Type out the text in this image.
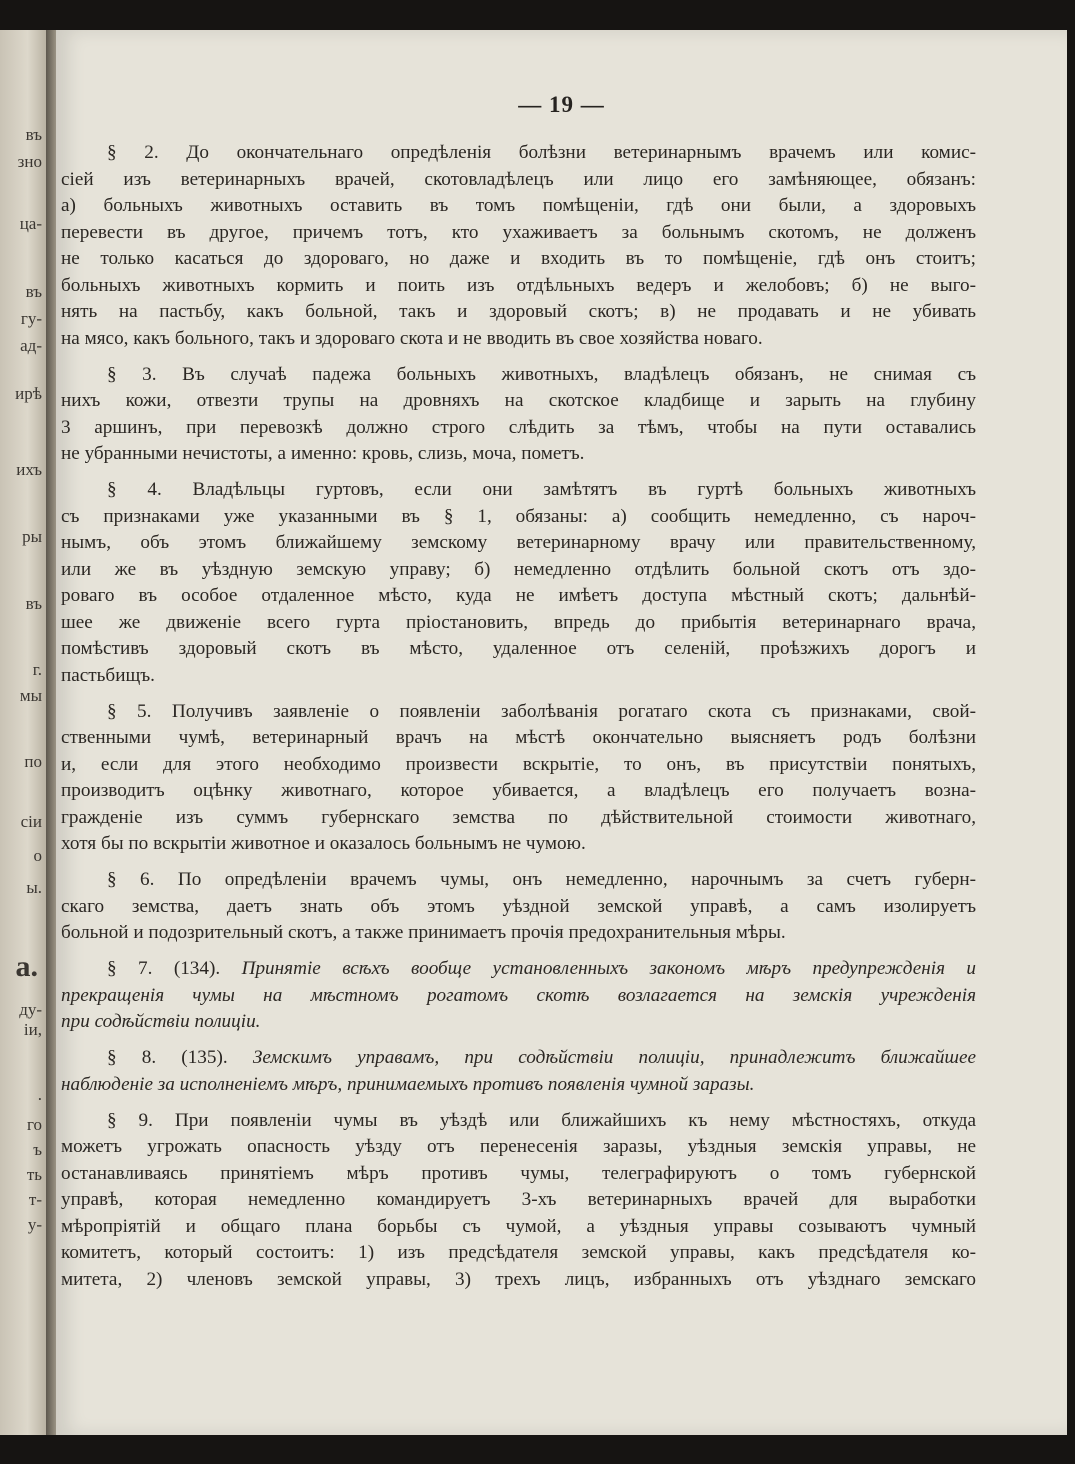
въ
зно
ца-
въ
гу-
ад-
ирѣ
ихъ
ры
въ
г.
мы
по
сіи
о
ы.
а.
ду-
іи,
.
го
ъ
ть
т-
у-
— 19 —

§ 2. До окончательнаго опредѣленія болѣзни ветеринарнымъ врачемъ или комис-
сіей изъ ветеринарныхъ врачей, скотовладѣлецъ или лицо его замѣняющее, обязанъ:
а) больныхъ животныхъ оставить въ томъ помѣщеніи, гдѣ они были, а здоровыхъ
перевести въ другое, причемъ тотъ, кто ухаживаетъ за больнымъ скотомъ, не долженъ
не только касаться до здороваго, но даже и входить въ то помѣщеніе, гдѣ онъ стоитъ;
больныхъ животныхъ кормить и поить изъ отдѣльныхъ ведеръ и желобовъ; б) не выго-
нять на пастьбу, какъ больной, такъ и здоровый скотъ; в) не продавать и не убивать
на мясо, какъ больного, такъ и здороваго скота и не вводить въ свое хозяйства новаго.

§ 3. Въ случаѣ падежа больныхъ животныхъ, владѣлецъ обязанъ, не снимая съ
нихъ кожи, отвезти трупы на дровняхъ на скотское кладбище и зарыть на глубину
3 аршинъ, при перевозкѣ должно строго слѣдить за тѣмъ, чтобы на пути оставались
не убранными нечистоты, а именно: кровь, слизь, моча, пометъ.

§ 4. Владѣльцы гуртовъ, если они замѣтятъ въ гуртѣ больныхъ животныхъ
съ признаками уже указанными въ § 1, обязаны: а) сообщить немедленно, съ нароч-
нымъ, объ этомъ ближайшему земскому ветеринарному врачу или правительственному,
или же въ уѣздную земскую управу; б) немедленно отдѣлить больной скотъ отъ здо-
роваго въ особое отдаленное мѣсто, куда не имѣетъ доступа мѣстный скотъ; дальнѣй-
шее же движеніе всего гурта пріостановить, впредь до прибытія ветеринарнаго врача,
помѣстивъ здоровый скотъ въ мѣсто, удаленное отъ селеній, проѣзжихъ дорогъ и
пастьбищъ.

§ 5. Получивъ заявленіе о появленіи заболѣванія рогатаго скота съ признаками, свой-
ственными чумѣ, ветеринарный врачъ на мѣстѣ окончательно выясняетъ родъ болѣзни
и, если для этого необходимо произвести вскрытіе, то онъ, въ присутствіи понятыхъ,
производитъ оцѣнку животнаго, которое убивается, а владѣлецъ его получаетъ возна-
гражденіе изъ суммъ губернскаго земства по дѣйствительной стоимости животнаго,
хотя бы по вскрытіи животное и оказалось больнымъ не чумою.

§ 6. По опредѣленіи врачемъ чумы, онъ немедленно, нарочнымъ за счетъ губерн-
скаго земства, даетъ знать объ этомъ уѣздной земской управѣ, а самъ изолируетъ
больной и подозрительный скотъ, а также принимаетъ прочія предохранительныя мѣры.

§ 7. (134). Принятіе всѣхъ вообще установленныхъ закономъ мѣръ предупрежденія и
прекращенія чумы на мѣстномъ рогатомъ скотѣ возлагается на земскія учрежденія
при содѣйствіи полиціи.

§ 8. (135). Земскимъ управамъ, при содѣйствіи полиціи, принадлежитъ ближайшее
наблюденіе за исполненіемъ мѣръ, принимаемыхъ противъ появленія чумной заразы.

§ 9. При появленіи чумы въ уѣздѣ или ближайшихъ къ нему мѣстностяхъ, откуда
можетъ угрожать опасность уѣзду отъ перенесенія заразы, уѣздныя земскія управы, не
останавливаясь принятіемъ мѣръ противъ чумы, телеграфируютъ о томъ губернской
управѣ, которая немедленно командируетъ 3-хъ ветеринарныхъ врачей для выработки
мѣропріятій и общаго плана борьбы съ чумой, а уѣздныя управы созываютъ чумный
комитетъ, который состоитъ: 1) изъ предсѣдателя земской управы, какъ предсѣдателя ко-
митета, 2) членовъ земской управы, 3) трехъ лицъ, избранныхъ отъ уѣзднаго земскаго
